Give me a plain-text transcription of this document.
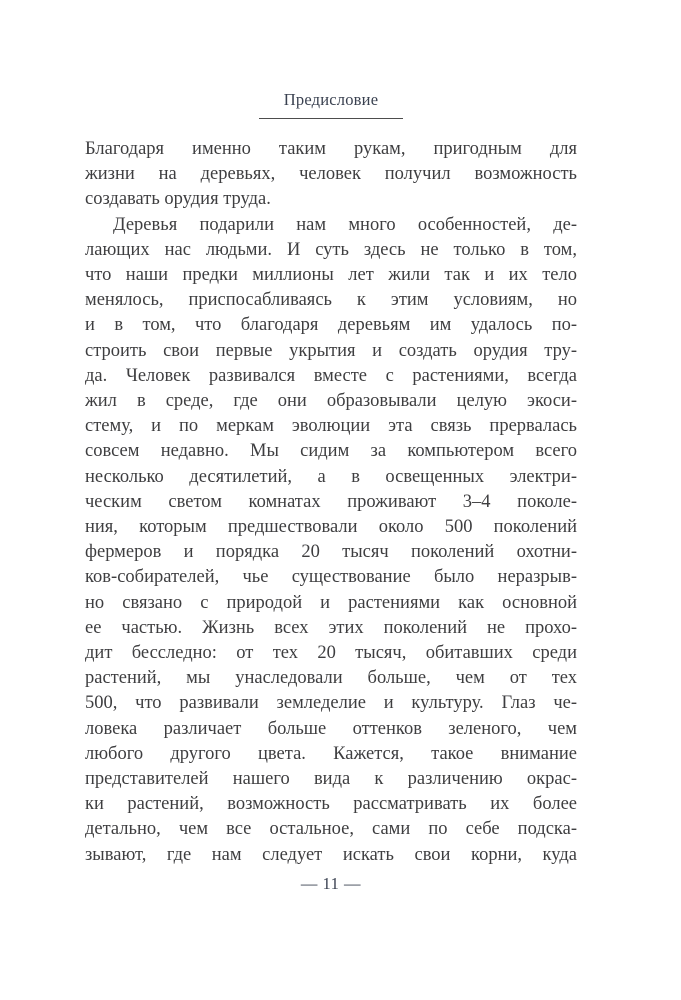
Предисловие
Благодаря именно таким рукам, пригодным для
жизни на деревьях, человек получил возможность
создавать орудия труда.
Деревья подарили нам много особенностей, де-
лающих нас людьми. И суть здесь не только в том,
что наши предки миллионы лет жили так и их тело
менялось, приспосабливаясь к этим условиям, но
и в том, что благодаря деревьям им удалось по-
строить свои первые укрытия и создать орудия тру-
да. Человек развивался вместе с растениями, всегда
жил в среде, где они образовывали целую экоси-
стему, и по меркам эволюции эта связь прервалась
совсем недавно. Мы сидим за компьютером всего
несколько десятилетий, а в освещенных электри-
ческим светом комнатах проживают 3–4 поколе-
ния, которым предшествовали около 500 поколений
фермеров и порядка 20 тысяч поколений охотни-
ков-собирателей, чье существование было неразрыв-
но связано с природой и растениями как основной
ее частью. Жизнь всех этих поколений не прохо-
дит бесследно: от тех 20 тысяч, обитавших среди
растений, мы унаследовали больше, чем от тех
500, что развивали земледелие и культуру. Глаз че-
ловека различает больше оттенков зеленого, чем
любого другого цвета. Кажется, такое внимание
представителей нашего вида к различению окрас-
ки растений, возможность рассматривать их более
детально, чем все остальное, сами по себе подска-
зывают, где нам следует искать свои корни, куда
— 11 —
